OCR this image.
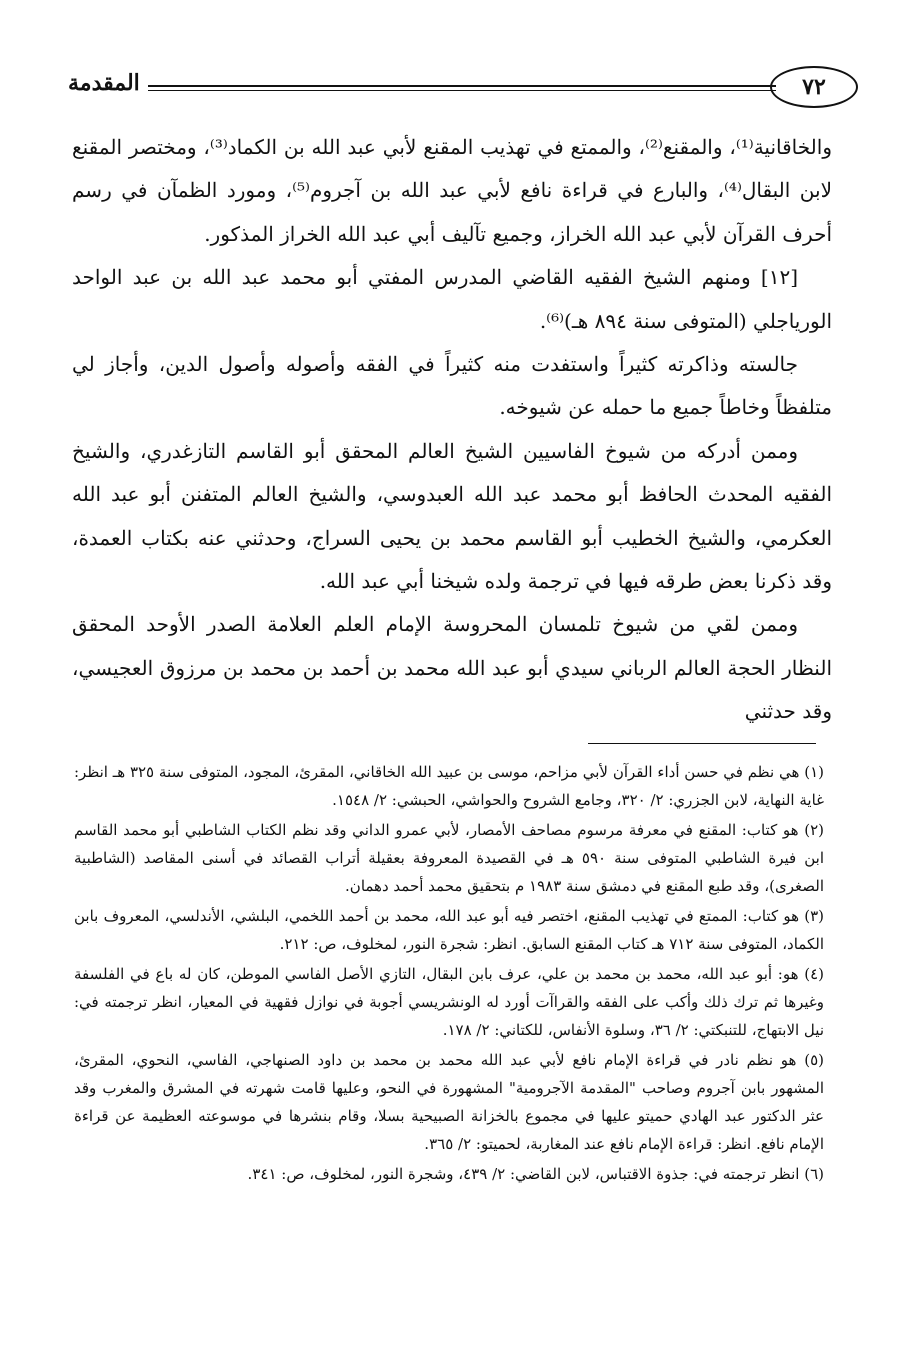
٧٢
المقدمة

والخاقانية⁽¹⁾، والمقنع⁽²⁾، والممتع في تهذيب المقنع لأبي عبد الله بن الكماد⁽³⁾، ومختصر المقنع لابن البقال⁽⁴⁾، والبارع في قراءة نافع لأبي عبد الله بن آجروم⁽⁵⁾، ومورد الظمآن في رسم أحرف القرآن لأبي عبد الله الخراز، وجميع تآليف أبي عبد الله الخراز المذكور.

[١٢] ومنهم الشيخ الفقيه القاضي المدرس المفتي أبو محمد عبد الله بن عبد الواحد الورياجلي (المتوفى سنة ٨٩٤ هـ)⁽⁶⁾.

جالسته وذاكرته كثيراً واستفدت منه كثيراً في الفقه وأصوله وأصول الدين، وأجاز لي متلفظاً وخاطاً جميع ما حمله عن شيوخه.

وممن أدركه من شيوخ الفاسيين الشيخ العالم المحقق أبو القاسم التازغدري، والشيخ الفقيه المحدث الحافظ أبو محمد عبد الله العبدوسي، والشيخ العالم المتفنن أبو عبد الله العكرمي، والشيخ الخطيب أبو القاسم محمد بن يحيى السراج، وحدثني عنه بكتاب العمدة، وقد ذكرنا بعض طرقه فيها في ترجمة ولده شيخنا أبي عبد الله.

وممن لقي من شيوخ تلمسان المحروسة الإمام العلم العلامة الصدر الأوحد المحقق النظار الحجة العالم الرباني سيدي أبو عبد الله محمد بن أحمد بن محمد بن مرزوق العجيسي، وقد حدثني

(١) هي نظم في حسن أداء القرآن لأبي مزاحم، موسى بن عبيد الله الخاقاني، المقرئ، المجود، المتوفى سنة ٣٢٥ هـ انظر: غاية النهاية، لابن الجزري: ٢/ ٣٢٠، وجامع الشروح والحواشي، الحبشي: ٢/ ١٥٤٨.

(٢) هو كتاب: المقنع في معرفة مرسوم مصاحف الأمصار، لأبي عمرو الداني وقد نظم الكتاب الشاطبي أبو محمد القاسم ابن فيرة الشاطبي المتوفى سنة ٥٩٠ هـ في القصيدة المعروفة بعقيلة أتراب القصائد في أسنى المقاصد (الشاطبية الصغرى)، وقد طبع المقنع في دمشق سنة ١٩٨٣ م بتحقيق محمد أحمد دهمان.

(٣) هو كتاب: الممتع في تهذيب المقنع، اختصر فيه أبو عبد الله، محمد بن أحمد اللخمي، البلشي، الأندلسي، المعروف بابن الكماد، المتوفى سنة ٧١٢ هـ كتاب المقنع السابق. انظر: شجرة النور، لمخلوف، ص: ٢١٢.

(٤) هو: أبو عبد الله، محمد بن محمد بن علي، عرف بابن البقال، التازي الأصل الفاسي الموطن، كان له باع في الفلسفة وغيرها ثم ترك ذلك وأكب على الفقه والقراآت أورد له الونشريسي أجوبة في نوازل فقهية في المعيار، انظر ترجمته في: نيل الابتهاج، للتنبكتي: ٢/ ٣٦، وسلوة الأنفاس، للكتاني: ٢/ ١٧٨.

(٥) هو نظم نادر في قراءة الإمام نافع لأبي عبد الله محمد بن محمد بن داود الصنهاجي، الفاسي، النحوي، المقرئ، المشهور بابن آجروم وصاحب "المقدمة الآجرومية" المشهورة في النحو، وعليها قامت شهرته في المشرق والمغرب وقد عثر الدكتور عبد الهادي حميتو عليها في مجموع بالخزانة الصبيحية بسلا، وقام بنشرها في موسوعته العظيمة عن قراءة الإمام نافع. انظر: قراءة الإمام نافع عند المغاربة، لحميتو: ٢/ ٣٦٥.

(٦) انظر ترجمته في: جذوة الاقتباس، لابن القاضي: ٢/ ٤٣٩، وشجرة النور، لمخلوف، ص: ٣٤١.
